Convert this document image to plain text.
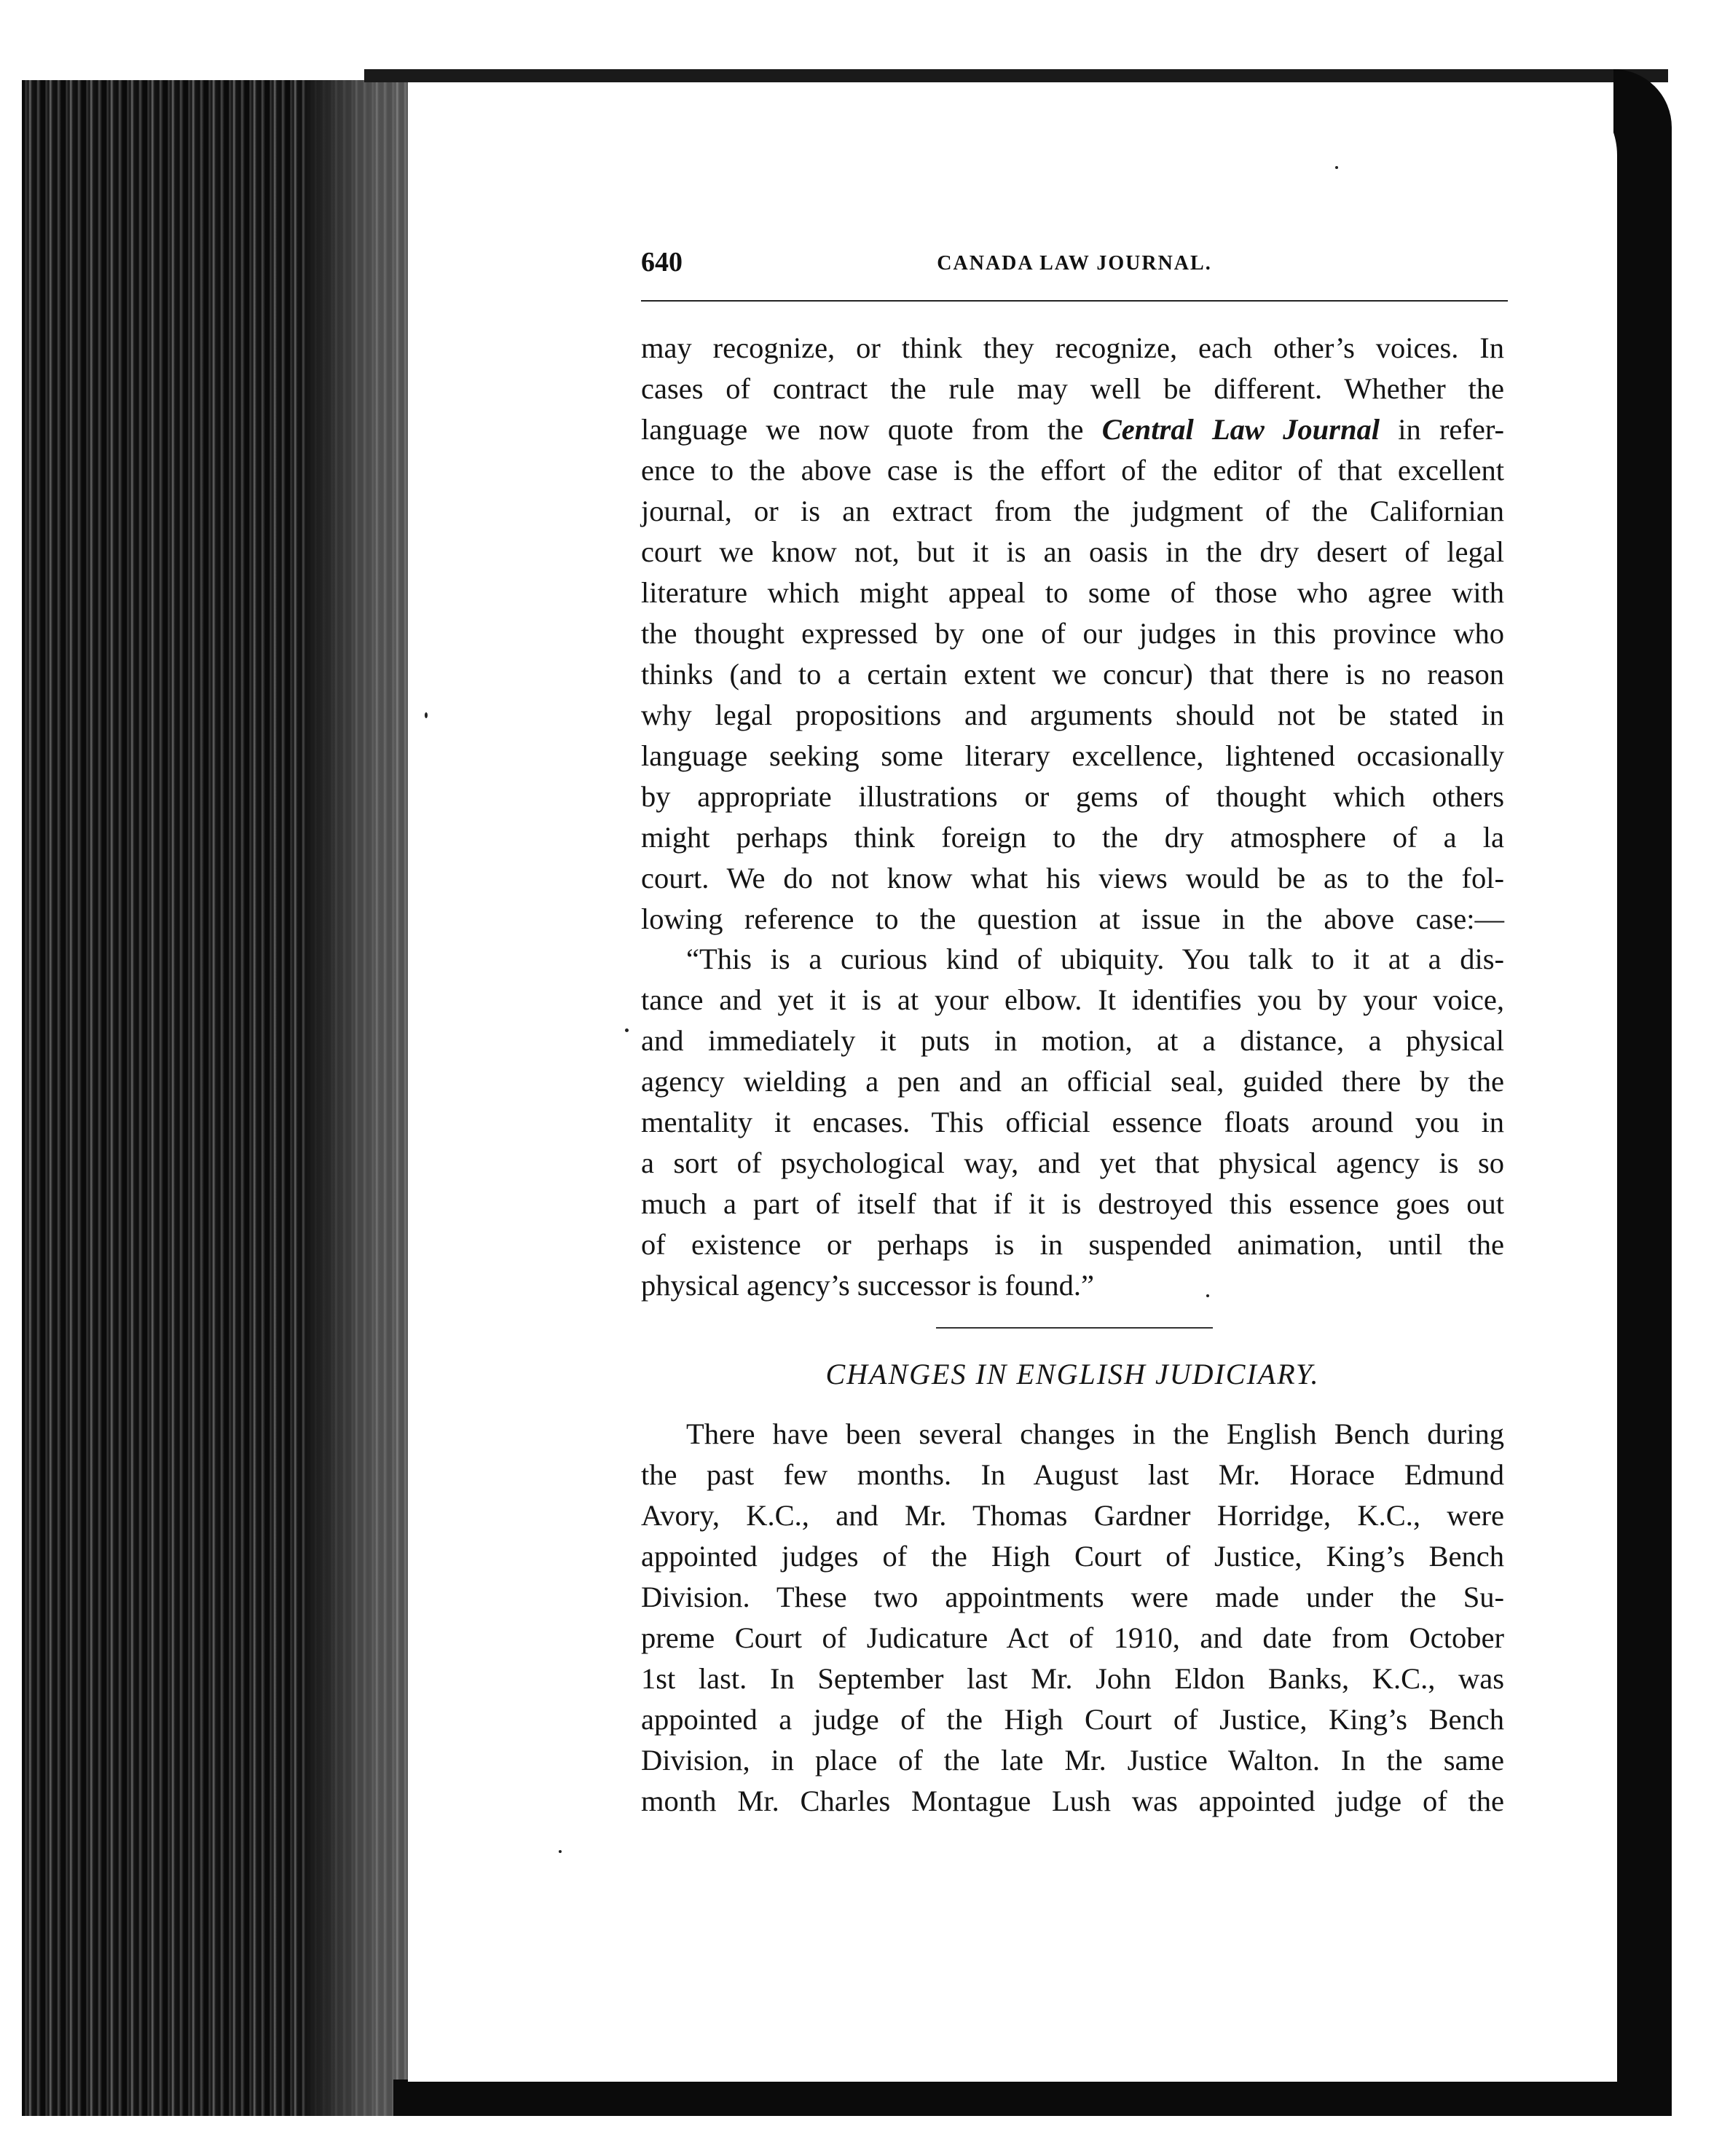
640	CANADA LAW JOURNAL.
may recognize, or think they recognize, each other’s voices. In
cases of contract the rule may well be different. Whether the
language we now quote from the Central Law Journal in refer-
ence to the above case is the effort of the editor of that excellent
journal, or is an extract from the judgment of the Californian
court we know not, but it is an oasis in the dry desert of legal
literature which might appeal to some of those who agree with
the thought expressed by one of our judges in this province who
thinks (and to a certain extent we concur) that there is no reason
why legal propositions and arguments should not be stated in
language seeking some literary excellence, lightened occasionally
by appropriate illustrations or gems of thought which others
might perhaps think foreign to the dry atmosphere of a la
court. We do not know what his views would be as to the fol-
lowing reference to the question at issue in the above case:—
“This is a curious kind of ubiquity. You talk to it at a dis-
tance and yet it is at your elbow. It identifies you by your voice,
and immediately it puts in motion, at a distance, a physical
agency wielding a pen and an official seal, guided there by the
mentality it encases. This official essence floats around you in
a sort of psychological way, and yet that physical agency is so
much a part of itself that if it is destroyed this essence goes out
of existence or perhaps is in suspended animation, until the
physical agency’s successor is found.”
CHANGES IN ENGLISH JUDICIARY.
There have been several changes in the English Bench during
the past few months. In August last Mr. Horace Edmund
Avory, K.C., and Mr. Thomas Gardner Horridge, K.C., were
appointed judges of the High Court of Justice, King’s Bench
Division. These two appointments were made under the Su-
preme Court of Judicature Act of 1910, and date from October
1st last. In September last Mr. John Eldon Banks, K.C., was
appointed a judge of the High Court of Justice, King’s Bench
Division, in place of the late Mr. Justice Walton. In the same
month Mr. Charles Montague Lush was appointed judge of the
